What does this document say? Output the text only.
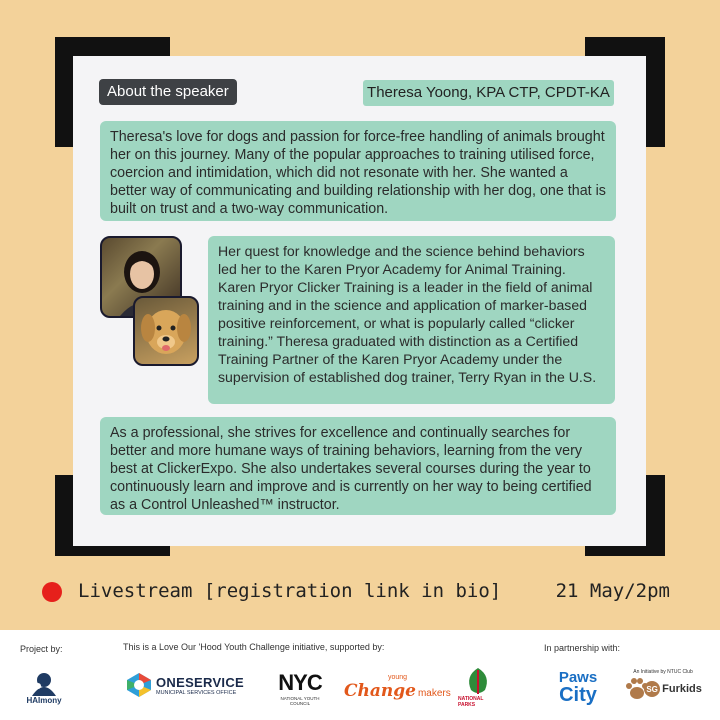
About the speaker	Theresa Yoong, KPA CTP, CPDT-KA
Theresa's love for dogs and passion for force-free handling of animals brought her on this journey. Many of the popular approaches to training utilised force, coercion and intimidation, which did not resonate with her. She wanted a better way of communicating and building relationship with her dog, one that is built on trust and a two-way communication.
Her quest for knowledge and the science behind behaviors led her to the Karen Pryor Academy for Animal Training. Karen Pryor Clicker Training is a leader in the field of animal training and in the science and application of marker-based positive reinforcement, or what is popularly called “clicker training.” Theresa graduated with distinction as a Certified Training Partner of the Karen Pryor Academy under the supervision of established dog trainer, Terry Ryan in the U.S.
As a professional, she strives for excellence and continually searches for better and more humane ways of training behaviors, learning from the very best at ClickerExpo. She also undertakes several courses during the year to continuously learn and improve and is currently on her way to being certified as a Control Unleashed™ instructor.
Livestream [registration link in bio]	21 May/2pm
Project by:	This is a Love Our 'Hood Youth Challenge initiative, supported by:	In partnership with:
HAImony
ONESERVICE
MUNICIPAL SERVICES OFFICE	NYC
NATIONAL YOUTH COUNCIL
young
Change makers
NATIONAL PARKS
Paws
City
An Initiative by NTUC Club
SG Furkids
